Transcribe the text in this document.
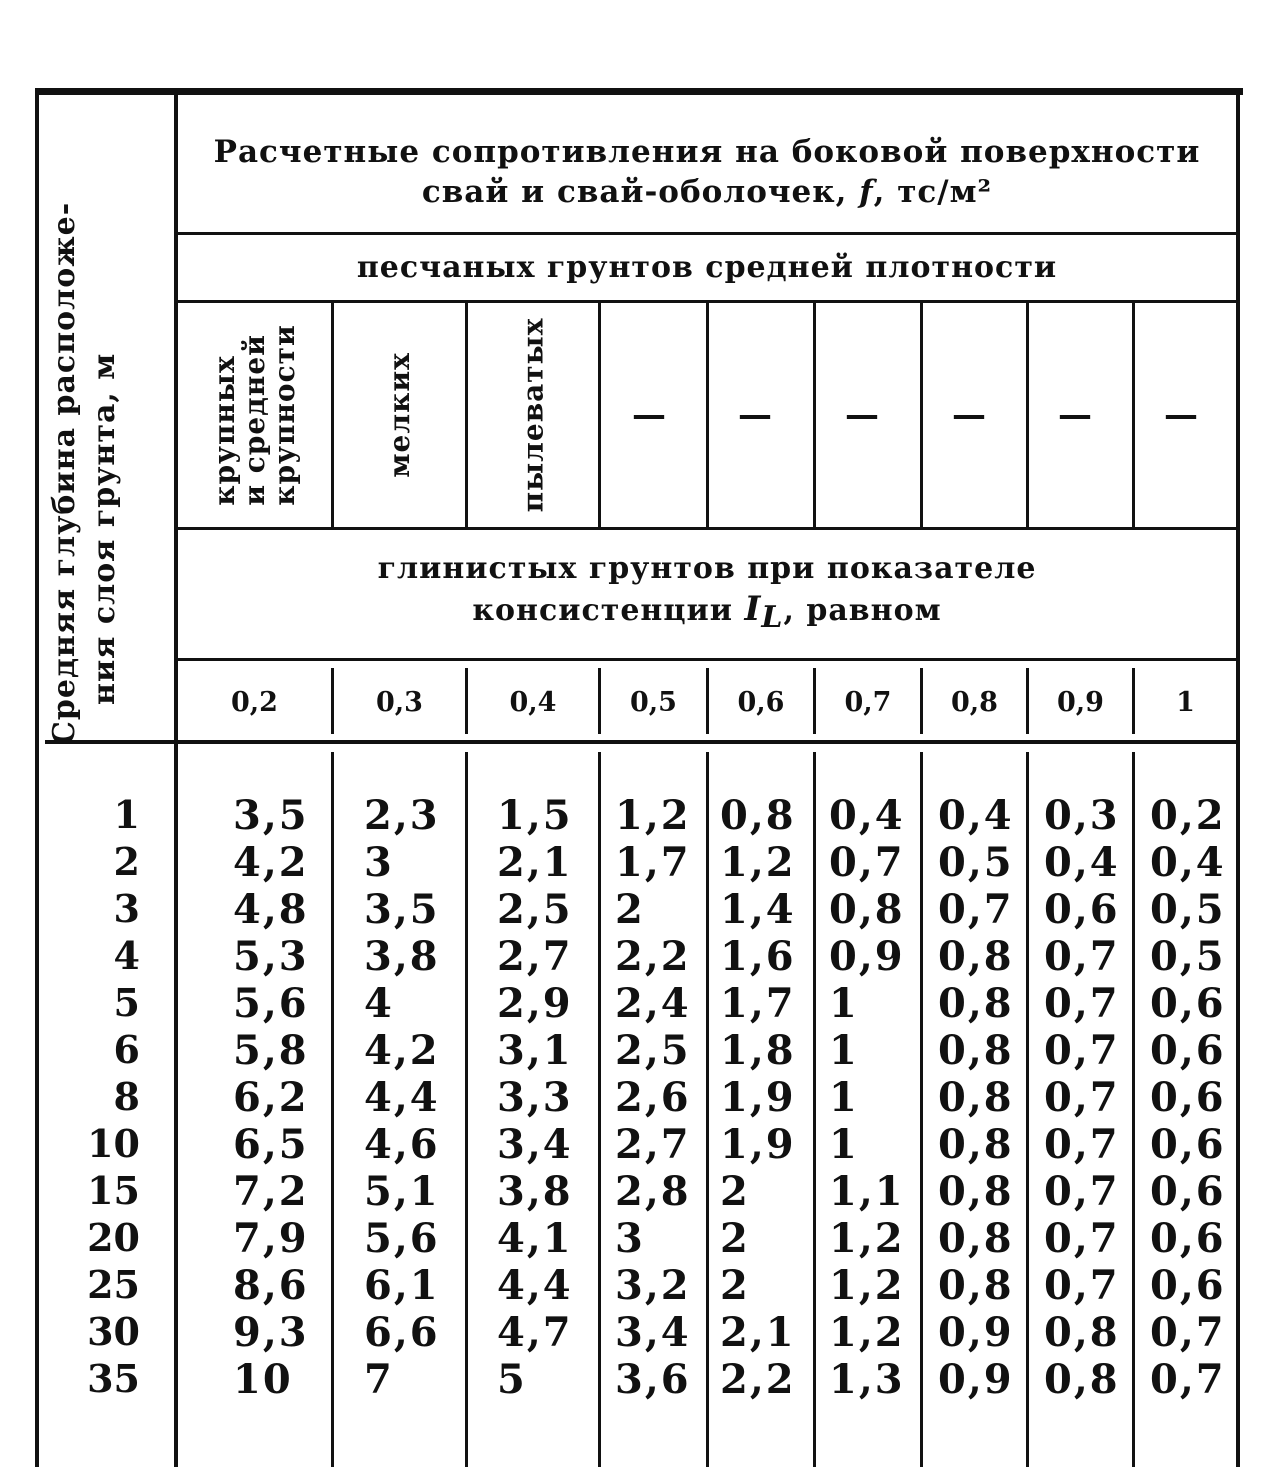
Средняя глубина расположе- ния слоя грунта, м
Расчетные сопротивления на боковой поверхности
свай и свай-оболочек, f, тс/м²
песчаных грунтов средней плотности
крупных
и средней
крупности	мелких	пылеватых — — — — — —
глинистых грунтов при показателе
консистенции $I_L$, равном
0,2	0,3	0,4	0,5	0,6	0,7	0,8	0,9	1
1 3,5 2,3 1,5 1,2 0,8 0,4 0,4 0,3 0,2
2 4,2 3	2,1 1,7 1,2 0,7 0,5 0,4 0,4
3 4,8 3,5 2,5 2 1,4 0,8 0,7 0,6 0,5
4 5,3 3,8 2,7 2,2 1,6 0,9 0,8 0,7 0,5
5 5,6 4	2,9 2,4 1,7 1 0,8 0,7 0,6
6 5,8 4,2 3,1 2,5 1,8 1 0,8 0,7 0,6
8 6,2 4,4 3,3 2,6 1,9 1 0,8 0,7 0,6
10 6,5 4,6 3,4 2,7 1,9 1 0,8 0,7 0,6
15 7,2 5,1 3,8 2,8 2 1,1 0,8 0,7 0,6
20 7,9 5,6 4,1 3 2 1,2 0,8 0,7 0,6
25 8,6 6,1 4,4 3,2 2 1,2 0,8 0,7 0,6
30 9,3 6,6 4,7 3,4 2,1 1,2 0,9 0,8 0,7
35 10 7	5 3,6 2,2 1,3 0,9 0,8 0,7
